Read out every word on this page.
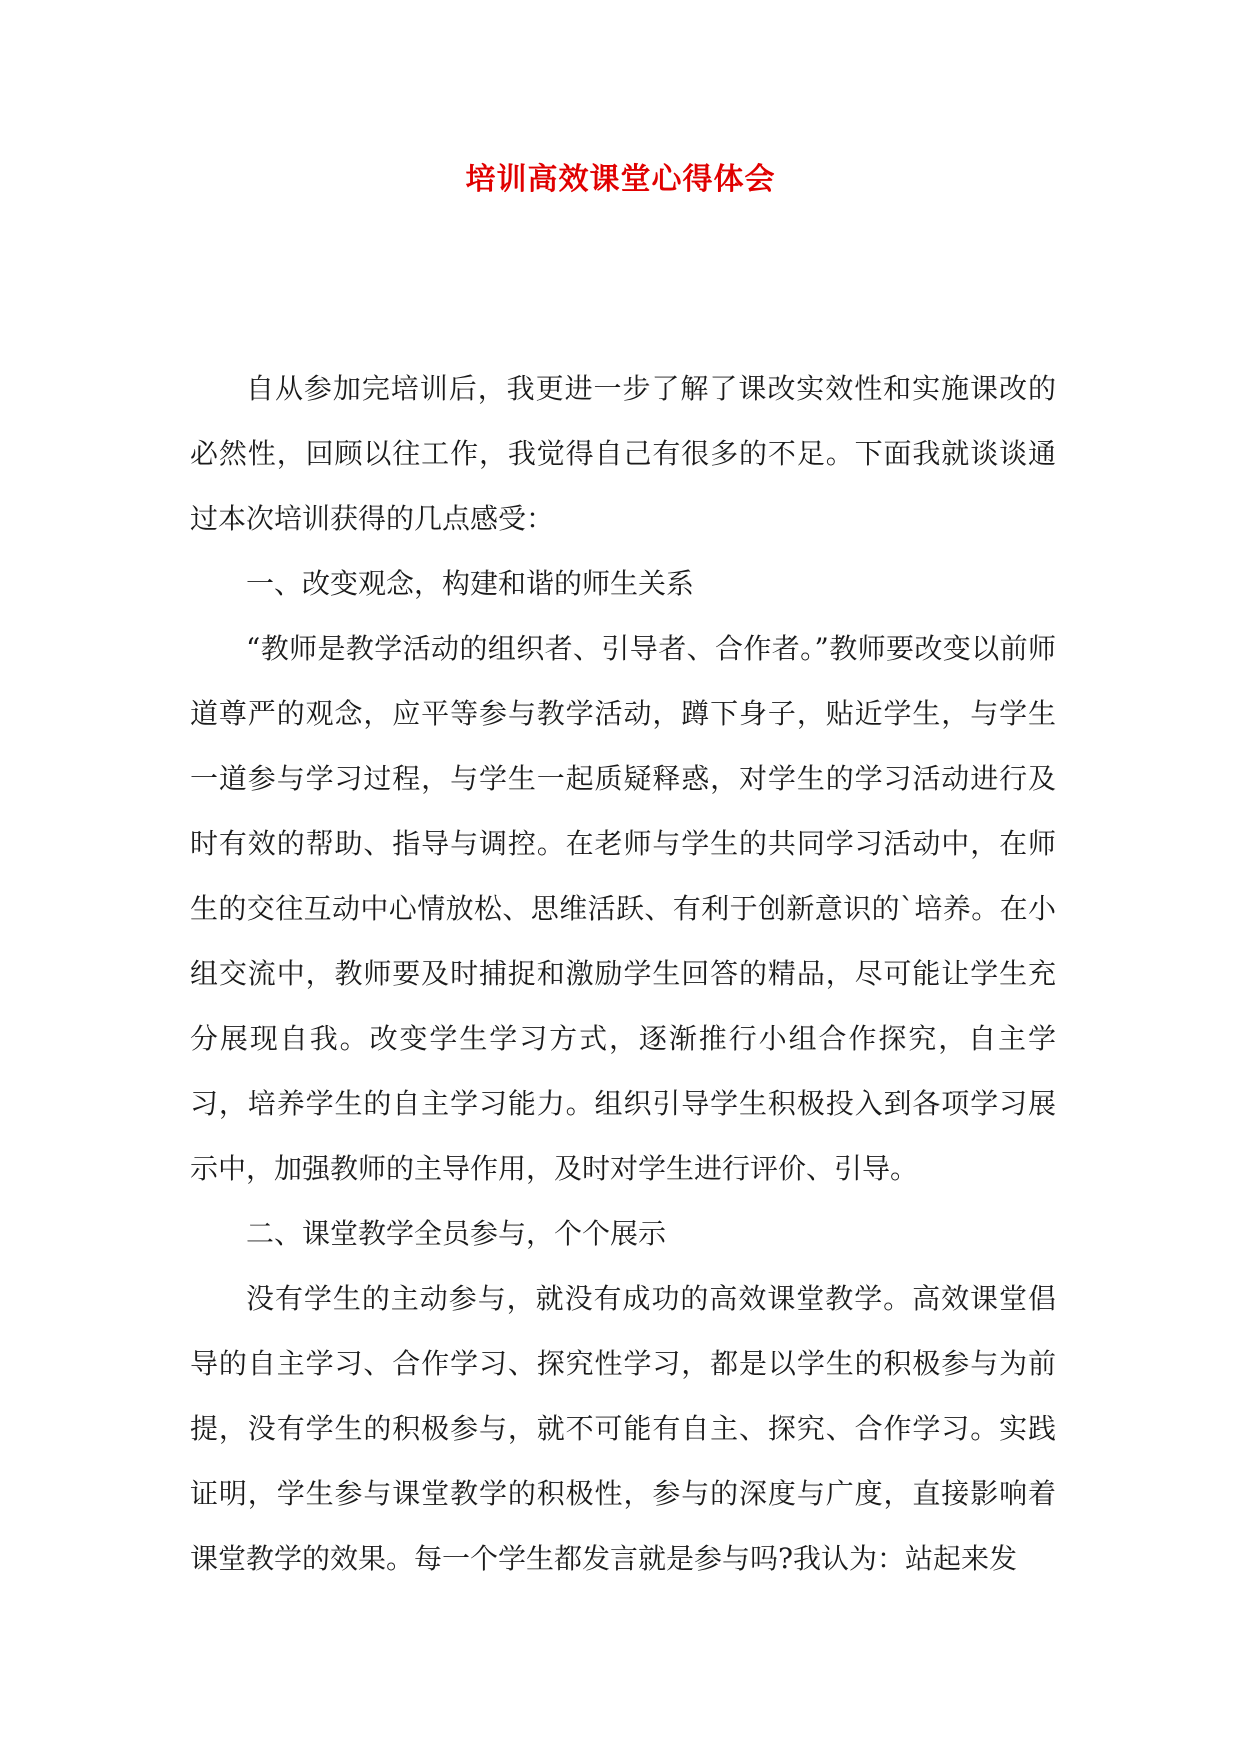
培训高效课堂心得体会

自从参加完培训后，我更进一步了解了课改实效性和实施课改的必然性，回顾以往工作，我觉得自己有很多的不足。下面我就谈谈通过本次培训获得的几点感受：

一、改变观念，构建和谐的师生关系

“教师是教学活动的组织者、引导者、合作者。”教师要改变以前师道尊严的观念，应平等参与教学活动，蹲下身子，贴近学生，与学生一道参与学习过程，与学生一起质疑释惑，对学生的学习活动进行及时有效的帮助、指导与调控。在老师与学生的共同学习活动中，在师生的交往互动中心情放松、思维活跃、有利于创新意识的`培养。在小组交流中，教师要及时捕捉和激励学生回答的精品，尽可能让学生充分展现自我。改变学生学习方式，逐渐推行小组合作探究，自主学习，培养学生的自主学习能力。组织引导学生积极投入到各项学习展示中，加强教师的主导作用，及时对学生进行评价、引导。

二、课堂教学全员参与，个个展示

没有学生的主动参与，就没有成功的高效课堂教学。高效课堂倡导的自主学习、合作学习、探究性学习，都是以学生的积极参与为前提，没有学生的积极参与，就不可能有自主、探究、合作学习。实践证明，学生参与课堂教学的积极性，参与的深度与广度，直接影响着课堂教学的效果。每一个学生都发言就是参与吗?我认为：站起来发
